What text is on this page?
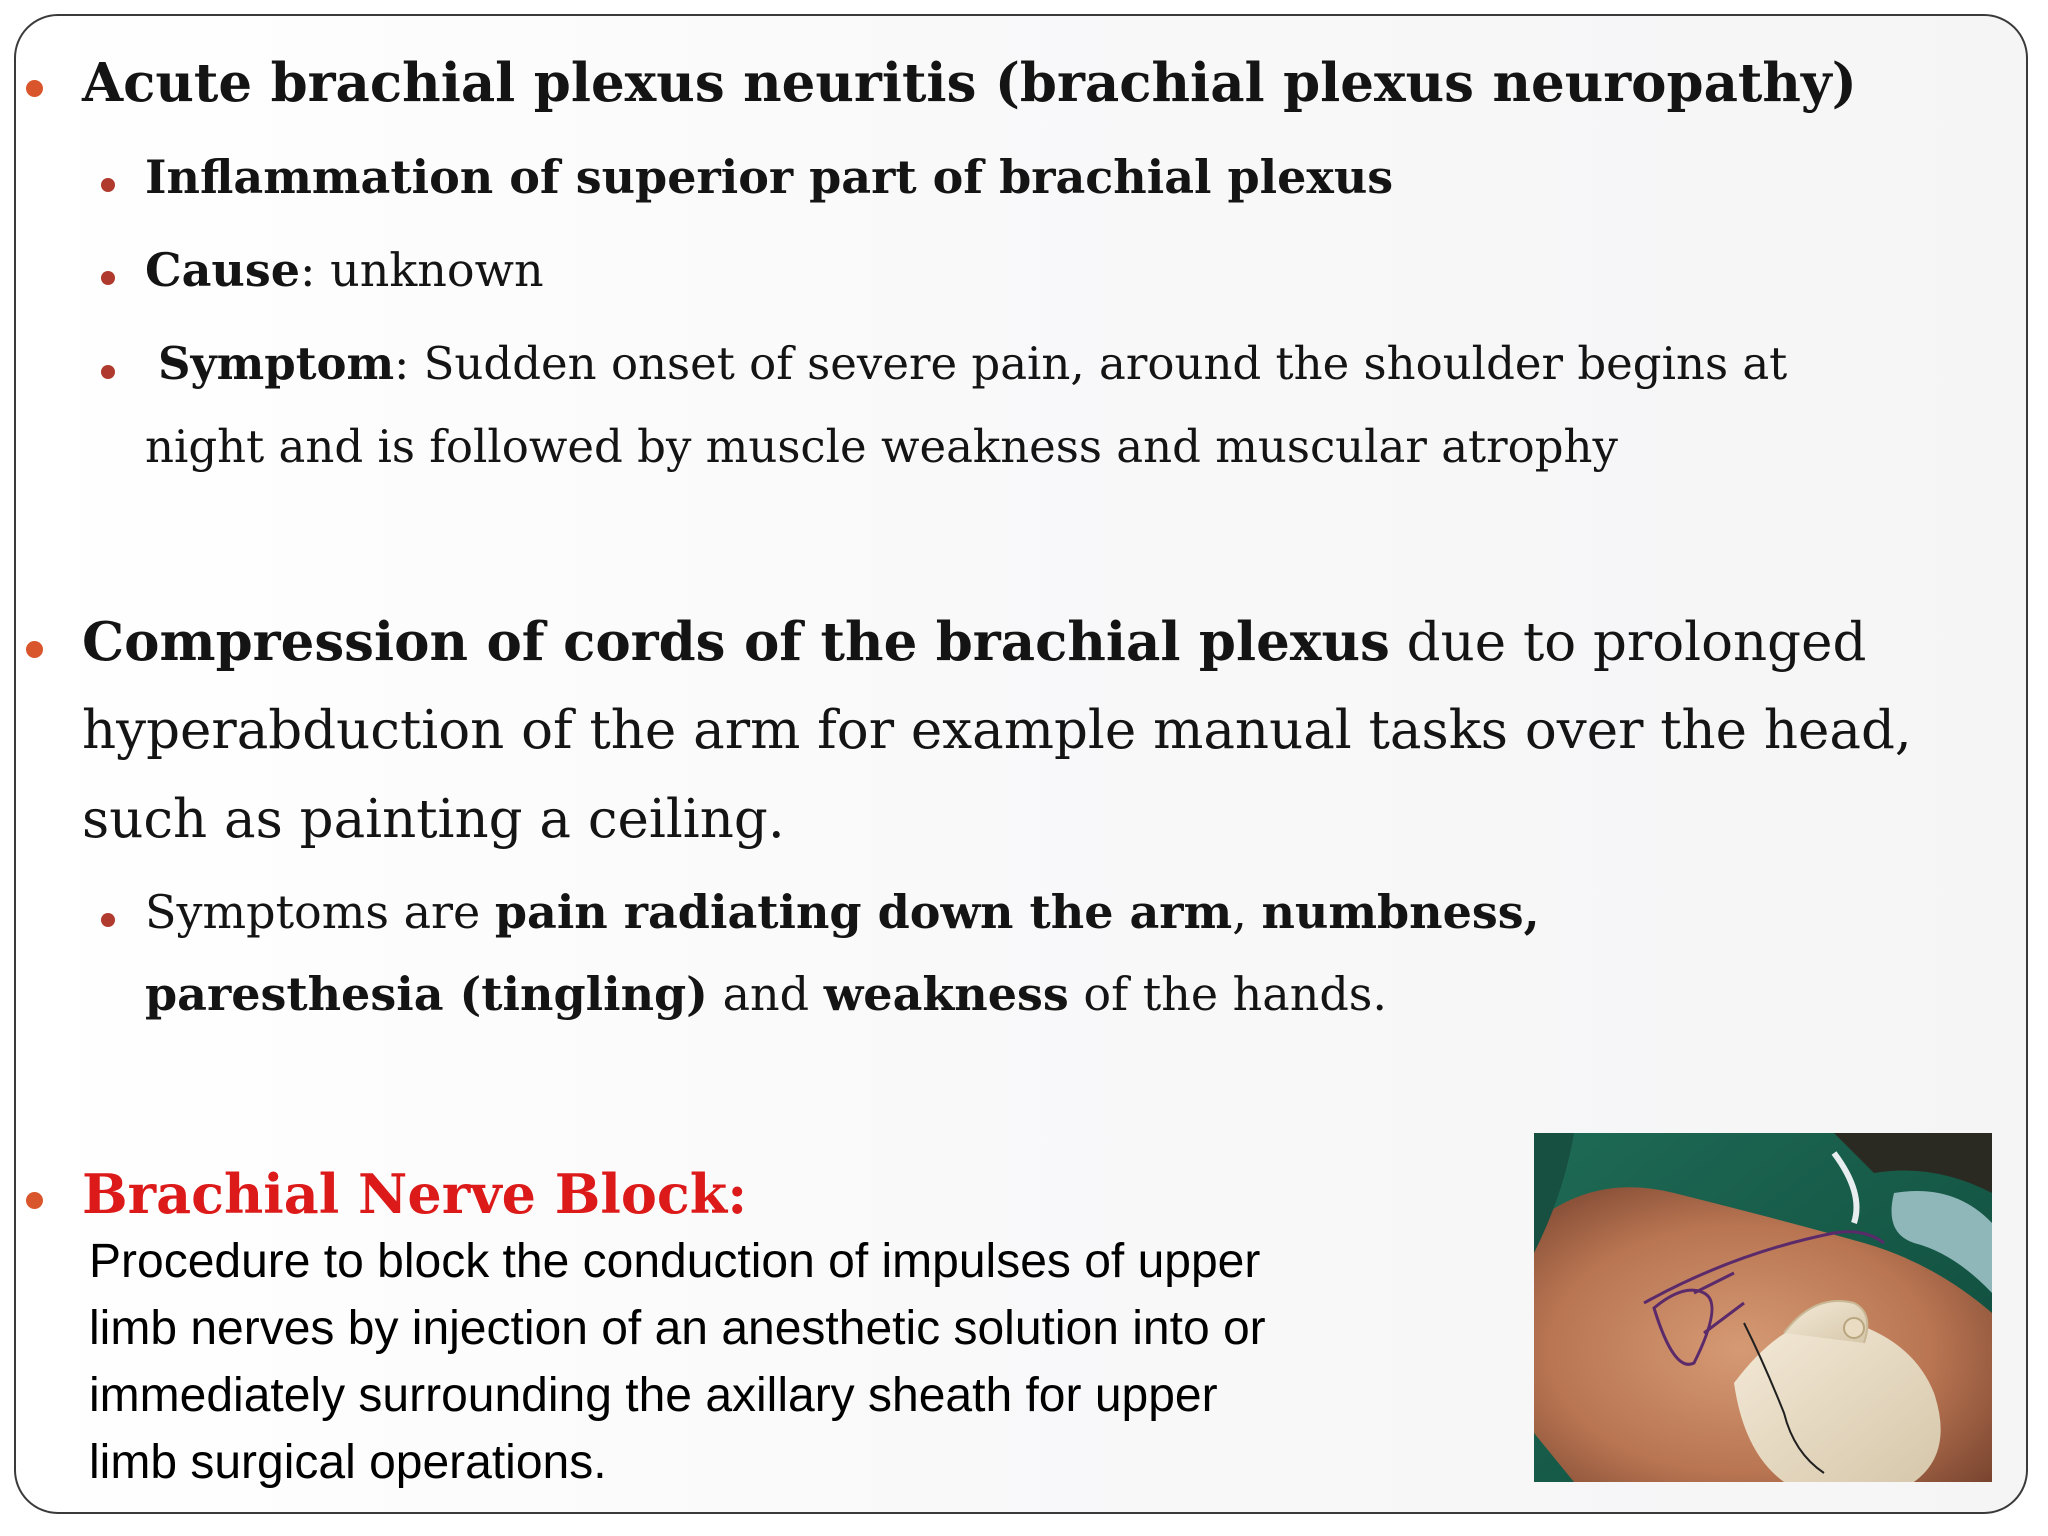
Acute brachial plexus neuritis (brachial plexus neuropathy)
Inflammation of superior part of brachial plexus
Cause: unknown
Symptom: Sudden onset of severe pain, around the shoulder begins at
night and is followed by muscle weakness and muscular atrophy
Compression of cords of the brachial plexus due to prolonged
hyperabduction of the arm for example manual tasks over the head,
such as painting a ceiling.
Symptoms are pain radiating down the arm, numbness,
paresthesia (tingling) and weakness of the hands.
Brachial Nerve Block:
Procedure to block the conduction of impulses of upper
limb nerves by injection of an anesthetic solution into or
immediately surrounding the axillary sheath for upper
limb surgical operations.
